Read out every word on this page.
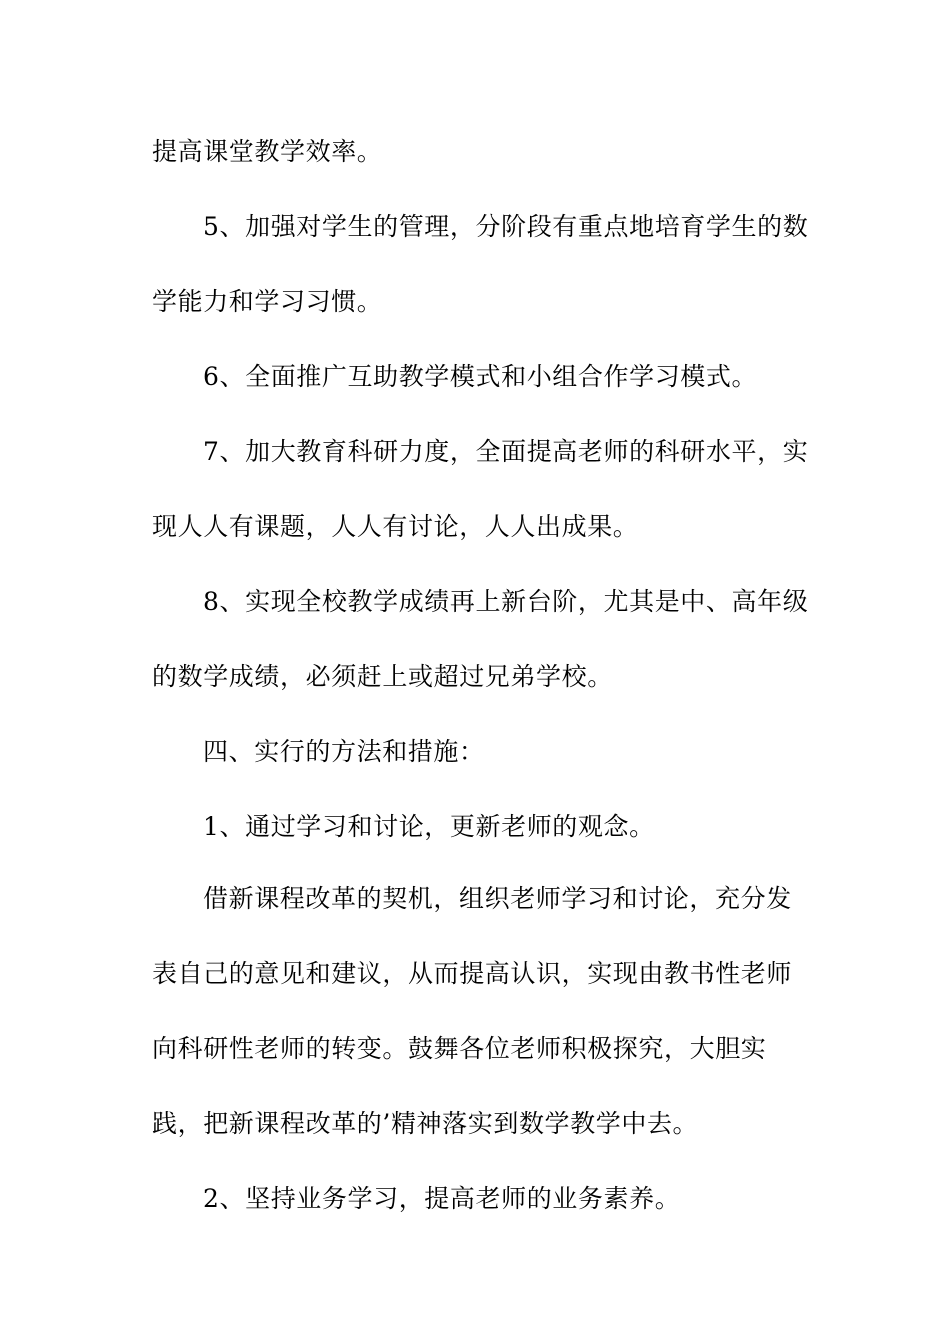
提高课堂教学效率。
5、加强对学生的管理，分阶段有重点地培育学生的数
学能力和学习习惯。
6、全面推广互助教学模式和小组合作学习模式。
7、加大教育科研力度，全面提高老师的科研水平，实
现人人有课题，人人有讨论，人人出成果。
8、实现全校教学成绩再上新台阶，尤其是中、高年级
的数学成绩，必须赶上或超过兄弟学校。
四、实行的方法和措施：
1、通过学习和讨论，更新老师的观念。
借新课程改革的契机，组织老师学习和讨论，充分发
表自己的意见和建议，从而提高认识，实现由教书性老师
向科研性老师的转变。鼓舞各位老师积极探究，大胆实
践，把新课程改革的’精神落实到数学教学中去。
2、坚持业务学习，提高老师的业务素养。
